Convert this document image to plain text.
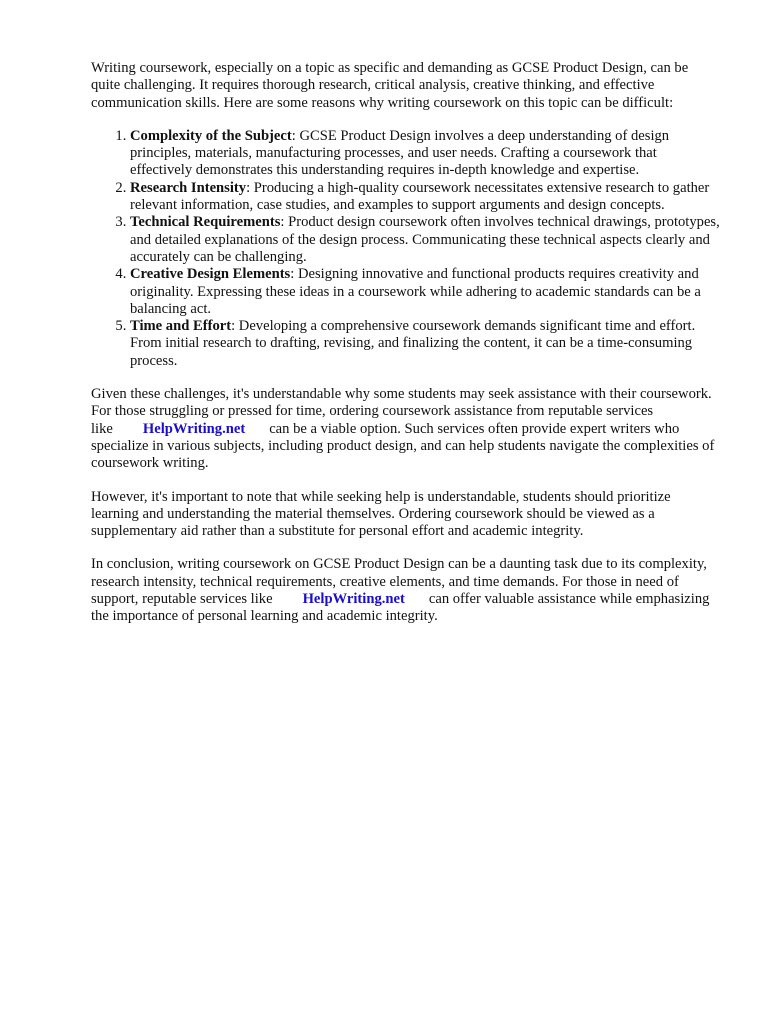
Writing coursework, especially on a topic as specific and demanding as GCSE Product Design, can be quite challenging. It requires thorough research, critical analysis, creative thinking, and effective communication skills. Here are some reasons why writing coursework on this topic can be difficult:

1. Complexity of the Subject: GCSE Product Design involves a deep understanding of design principles, materials, manufacturing processes, and user needs. Crafting a coursework that effectively demonstrates this understanding requires in-depth knowledge and expertise.
2. Research Intensity: Producing a high-quality coursework necessitates extensive research to gather relevant information, case studies, and examples to support arguments and design concepts.
3. Technical Requirements: Product design coursework often involves technical drawings, prototypes, and detailed explanations of the design process. Communicating these technical aspects clearly and accurately can be challenging.
4. Creative Design Elements: Designing innovative and functional products requires creativity and originality. Expressing these ideas in a coursework while adhering to academic standards can be a balancing act.
5. Time and Effort: Developing a comprehensive coursework demands significant time and effort. From initial research to drafting, revising, and finalizing the content, it can be a time-consuming process.

Given these challenges, it's understandable why some students may seek assistance with their coursework. For those struggling or pressed for time, ordering coursework assistance from reputable services like HelpWriting.net can be a viable option. Such services often provide expert writers who specialize in various subjects, including product design, and can help students navigate the complexities of coursework writing.

However, it's important to note that while seeking help is understandable, students should prioritize learning and understanding the material themselves. Ordering coursework should be viewed as a supplementary aid rather than a substitute for personal effort and academic integrity.

In conclusion, writing coursework on GCSE Product Design can be a daunting task due to its complexity, research intensity, technical requirements, creative elements, and time demands. For those in need of support, reputable services like HelpWriting.net can offer valuable assistance while emphasizing the importance of personal learning and academic integrity.
